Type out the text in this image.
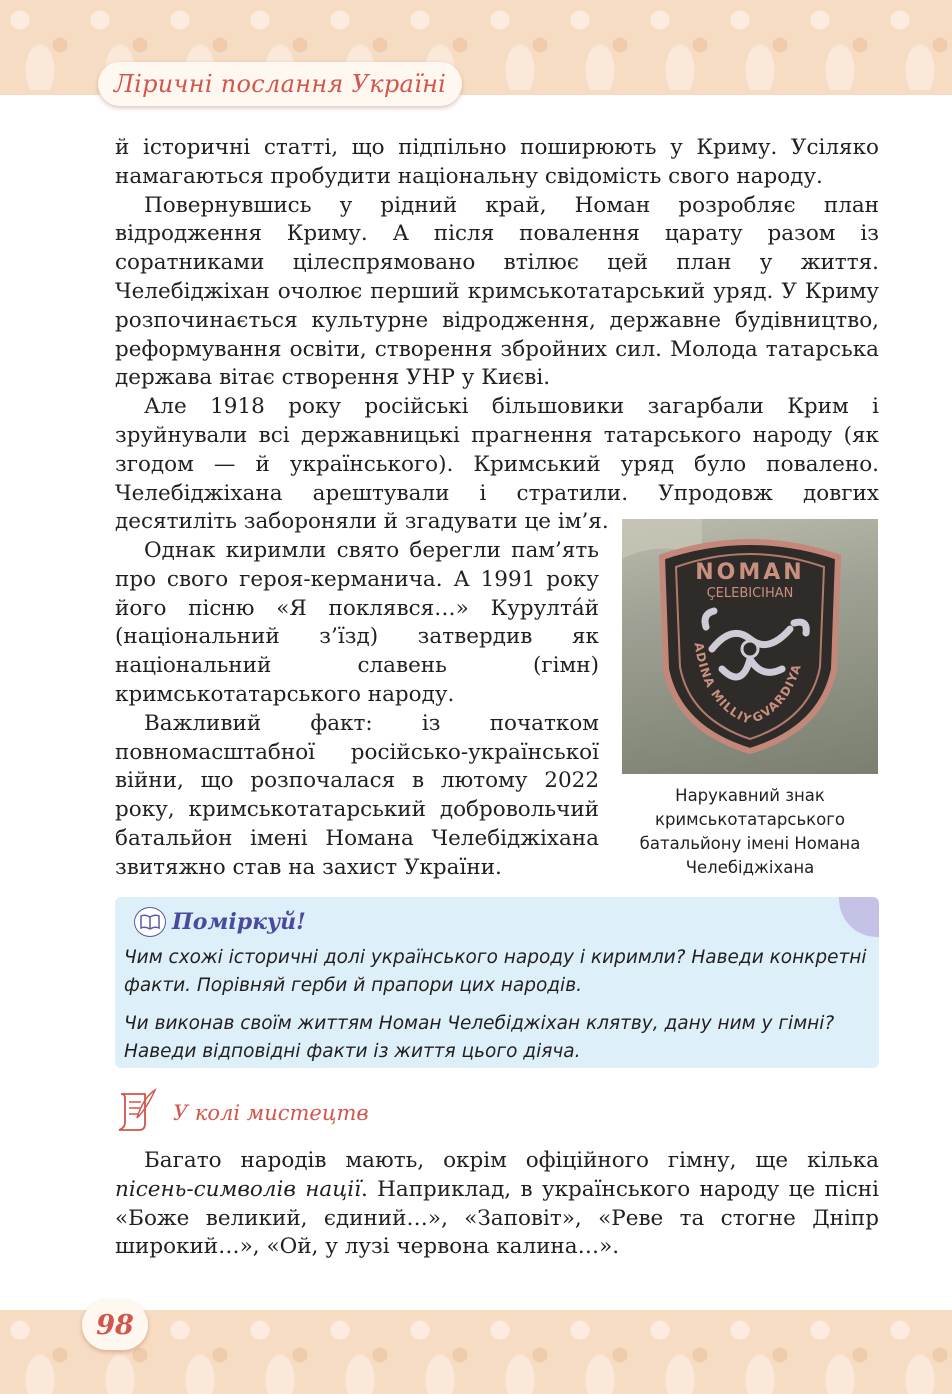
Ліричні послання Україні

й історичні статті, що підпільно поширюють у Криму. Усіляко намагаються пробудити національну свідомість свого народу.

Повернувшись у рідний край, Номан розробляє план відродження Криму. А після повалення царату разом із соратниками цілеспрямовано втілює цей план у життя. Челебіджіхан очолює перший кримськотатарський уряд. У Криму розпочинається культурне відродження, державне будівництво, реформування освіти, створення збройних сил. Молода татарська держава вітає створення УНР у Києві.

Але 1918 року російські більшовики загарбали Крим і зруйнували всі державницькі прагнення татарського народу (як згодом — й українського). Кримський уряд було повалено. Челебіджіхана арештували і стратили. Упродовж довгих десятиліть забороняли й згадувати це ім’я.

Однак киримли свято берегли пам’ять про свого героя-керманича. А 1991 року його пісню «Я поклявся…» Курулта́й (національний з’їзд) затвердив як національний славень (гімн) кримськотатарського народу.

Важливий факт: із початком повномасштабної російсько-української війни, що розпочалася в лютому 2022 року, кримськотатарський добровольчий батальйон імені Номана Челебіджіхана звитяжно став на захист України.

NOMAN
ÇELEBICIHAN
ADINA MILLIY GVARDIYA

Нарукавний знак

кримськотатарського

батальйону імені Номана

Челебіджіхана

Поміркуй!
Чим схожі історичні долі українського народу і киримли? Наведи конкретні факти. Порівняй герби й прапори цих народів.
Чи виконав своїм життям Номан Челебіджіхан клятву, дану ним у гімні? Наведи відповідні факти із життя цього діяча.
У колі мистецтв

Багато народів мають, окрім офіційного гімну, ще кілька пісень-символів нації. Наприклад, в українського народу це пісні «Боже великий, єдиний…», «Заповіт», «Реве та стогне Дніпр широкий…», «Ой, у лузі червона калина…».

98
